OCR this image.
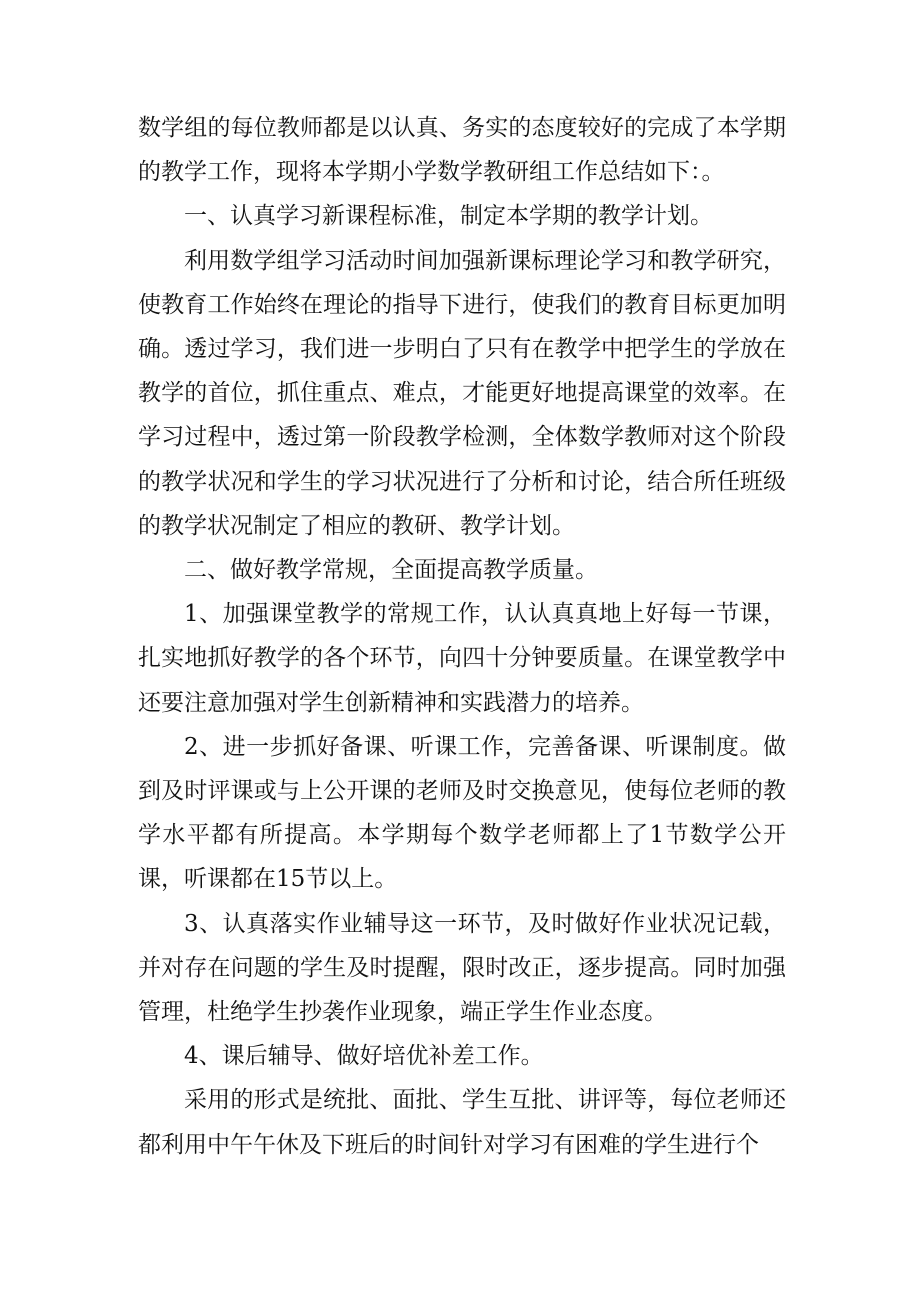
数学组的每位教师都是以认真、务实的态度较好的完成了本学期的教学工作，现将本学期小学数学教研组工作总结如下：。

一、认真学习新课程标准，制定本学期的教学计划。

利用数学组学习活动时间加强新课标理论学习和教学研究，使教育工作始终在理论的指导下进行，使我们的教育目标更加明确。透过学习，我们进一步明白了只有在教学中把学生的学放在教学的首位，抓住重点、难点，才能更好地提高课堂的效率。在学习过程中，透过第一阶段教学检测，全体数学教师对这个阶段的教学状况和学生的学习状况进行了分析和讨论，结合所任班级的教学状况制定了相应的教研、教学计划。

二、做好教学常规，全面提高教学质量。

1、加强课堂教学的常规工作，认认真真地上好每一节课，扎实地抓好教学的各个环节，向四十分钟要质量。在课堂教学中还要注意加强对学生创新精神和实践潜力的培养。

2、进一步抓好备课、听课工作，完善备课、听课制度。做到及时评课或与上公开课的老师及时交换意见，使每位老师的教学水平都有所提高。本学期每个数学老师都上了1节数学公开课，听课都在15节以上。

3、认真落实作业辅导这一环节，及时做好作业状况记载，并对存在问题的学生及时提醒，限时改正，逐步提高。同时加强管理，杜绝学生抄袭作业现象，端正学生作业态度。

4、课后辅导、做好培优补差工作。

采用的形式是统批、面批、学生互批、讲评等，每位老师还都利用中午午休及下班后的时间针对学习有困难的学生进行个
